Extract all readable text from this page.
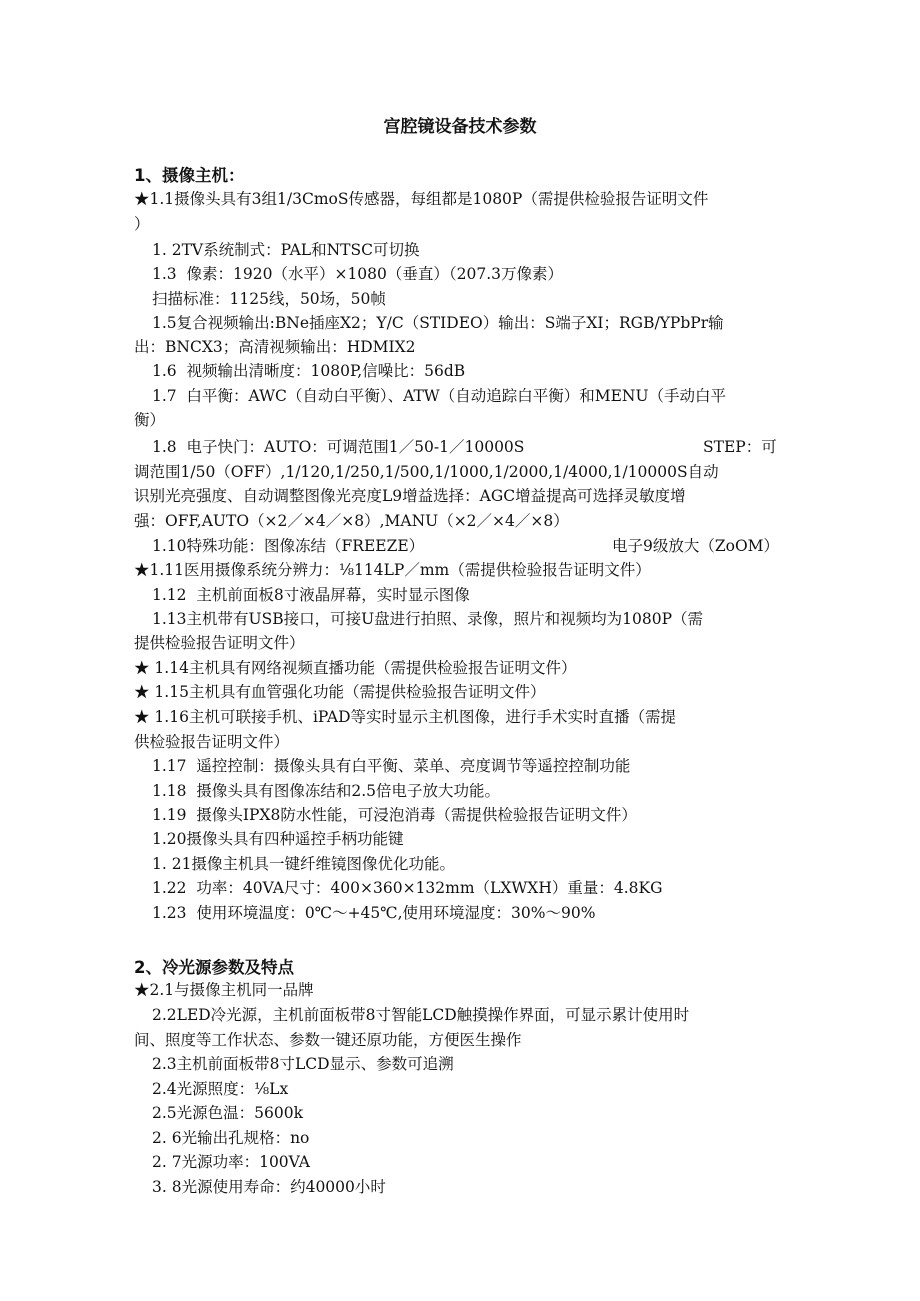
宫腔镜设备技术参数
1、摄像主机：
★1.1摄像头具有3组1/3CmoS传感器，每组都是1080P（需提供检验报告证明文件
）
1. 2TV系统制式：PAL和NTSC可切换
1.3  像素：1920（水平）×1080（垂直）（207.3万像素）
扫描标准：1125线，50场，50帧
1.5复合视频输出:BNe插座X2；Y/C（STIDEO）输出：S端子XI；RGB/YPbPr输
出：BNCX3；高清视频输出：HDMIX2
1.6  视频输出清晰度：1080P,信噪比：56dB
1.7  白平衡：AWC（自动白平衡）、ATW（自动追踪白平衡）和MENU（手动白平
衡）
1.8  电子快门：AUTO：可调范围1／50-1／10000S	STEP：可
调范围1/50（OFF）,1/120,1/250,1/500,1/1000,1/2000,1/4000,1/10000S自动
识别光亮强度、自动调整图像光亮度L9增益选择：AGC增益提高可选择灵敏度增
强：OFF,AUTO（×2／×4／×8）,MANU（×2／×4／×8）
1.10特殊功能：图像冻结（FREEZE）	电子9级放大（ZoOM）
★1.11医用摄像系统分辨力：⅛114LP／mm（需提供检验报告证明文件）
1.12  主机前面板8寸液晶屏幕，实时显示图像
1.13主机带有USB接口，可接U盘进行拍照、录像，照片和视频均为1080P（需
提供检验报告证明文件）
★ 1.14主机具有网络视频直播功能（需提供检验报告证明文件）
★ 1.15主机具有血管强化功能（需提供检验报告证明文件）
★ 1.16主机可联接手机、iPAD等实时显示主机图像，进行手术实时直播（需提
供检验报告证明文件）
1.17  遥控控制：摄像头具有白平衡、菜单、亮度调节等遥控控制功能
1.18  摄像头具有图像冻结和2.5倍电子放大功能。
1.19  摄像头IPX8防水性能，可浸泡消毒（需提供检验报告证明文件）
1.20摄像头具有四种遥控手柄功能键
1. 21摄像主机具一键纤维镜图像优化功能。
1.22  功率：40VA尺寸：400×360×132mm（LXWXH）重量：4.8KG
1.23  使用环境温度：0℃～+45℃,使用环境湿度：30%～90%
2、冷光源参数及特点
★2.1与摄像主机同一品牌
2.2LED冷光源，主机前面板带8寸智能LCD触摸操作界面，可显示累计使用时
间、照度等工作状态、参数一键还原功能，方便医生操作
2.3主机前面板带8寸LCD显示、参数可追溯
2.4光源照度：⅛Lx
2.5光源色温：5600k
2. 6光输出孔规格：no
2. 7光源功率：100VA
3. 8光源使用寿命：约40000小时
